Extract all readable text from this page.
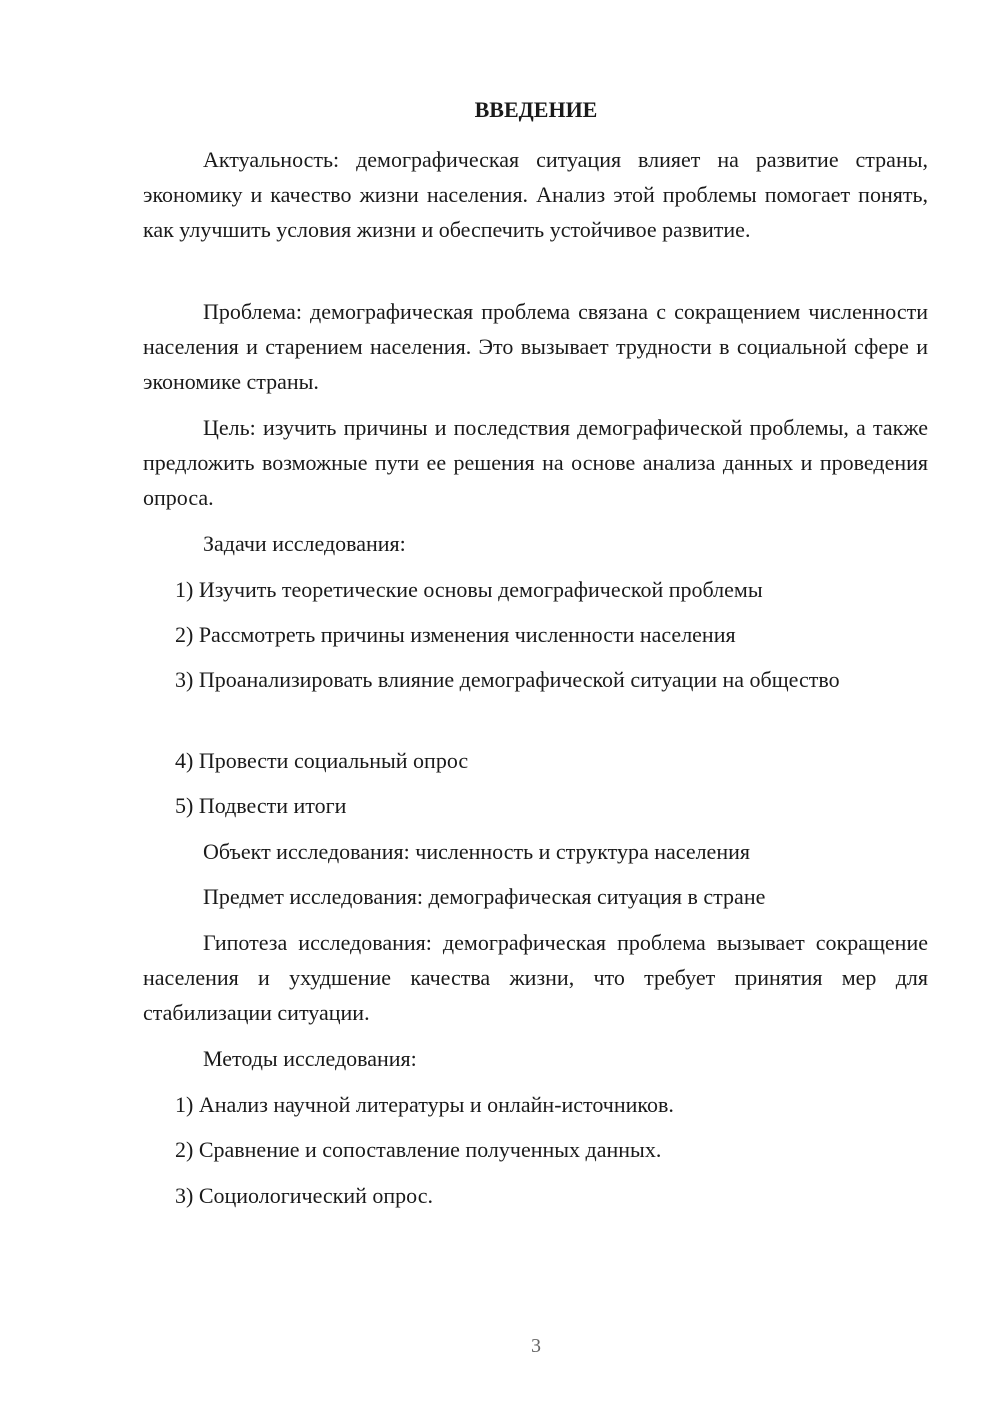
ВВЕДЕНИЕ
Актуальность: демографическая ситуация влияет на развитие страны, экономику и качество жизни населения. Анализ этой проблемы помогает понять, как улучшить условия жизни и обеспечить устойчивое развитие.
Проблема: демографическая проблема связана с сокращением численности населения и старением населения. Это вызывает трудности в социальной сфере и экономике страны.
Цель: изучить причины и последствия демографической проблемы, а также предложить возможные пути ее решения на основе анализа данных и проведения опроса.
Задачи исследования:
1) Изучить теоретические основы демографической проблемы
2) Рассмотреть причины изменения численности населения
3) Проанализировать влияние демографической ситуации на общество
4) Провести социальный опрос
5) Подвести итоги
Объект исследования: численность и структура населения
Предмет исследования: демографическая ситуация в стране
Гипотеза исследования: демографическая проблема вызывает сокращение населения и ухудшение качества жизни, что требует принятия мер для стабилизации ситуации.
Методы исследования:
1) Анализ научной литературы и онлайн-источников.
2) Сравнение и сопоставление полученных данных.
3) Социологический опрос.
3
